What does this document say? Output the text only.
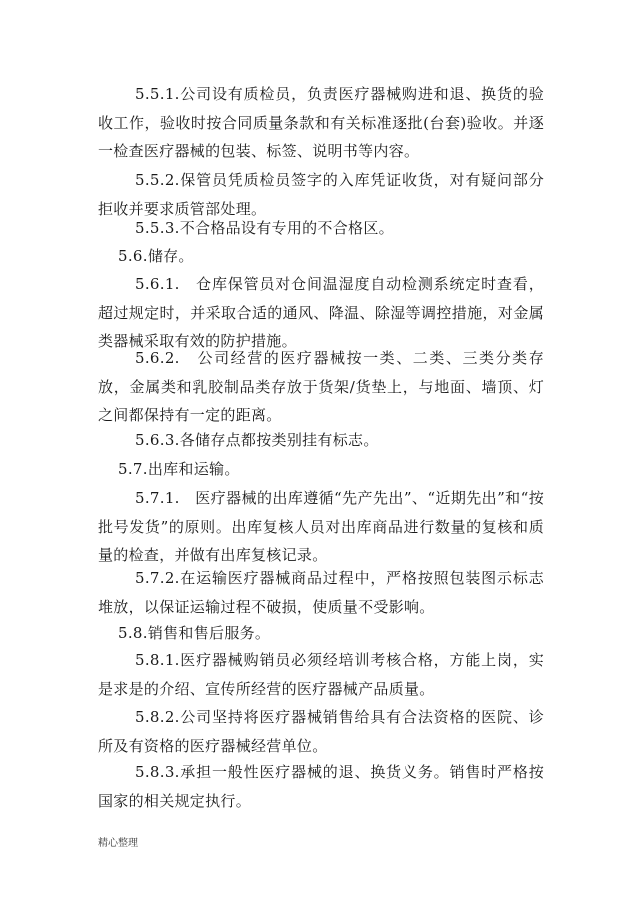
5.5.1.公司设有质检员，负责医疗器械购进和退、换货的验收工作，验收时按合同质量条款和有关标准逐批(台套)验收。并逐一检查医疗器械的包装、标签、说明书等内容。

5.5.2.保管员凭质检员签字的入库凭证收货，对有疑问部分拒收并要求质管部处理。

5.5.3.不合格品设有专用的不合格区。

5.6.储存。

5.6.1.　仓库保管员对仓间温湿度自动检测系统定时查看，超过规定时，并采取合适的通风、降温、除湿等调控措施，对金属类器械采取有效的防护措施。

5.6.2.　公司经营的医疗器械按一类、二类、三类分类存放，金属类和乳胶制品类存放于货架/货垫上，与地面、墙顶、灯之间都保持有一定的距离。

5.6.3.各储存点都按类别挂有标志。

5.7.出库和运输。

5.7.1.　医疗器械的出库遵循“先产先出”、“近期先出”和“按批号发货”的原则。出库复核人员对出库商品进行数量的复核和质量的检查，并做有出库复核记录。

5.7.2.在运输医疗器械商品过程中，严格按照包装图示标志堆放，以保证运输过程不破损，使质量不受影响。

5.8.销售和售后服务。

5.8.1.医疗器械购销员必须经培训考核合格，方能上岗，实是求是的介绍、宣传所经营的医疗器械产品质量。

5.8.2.公司坚持将医疗器械销售给具有合法资格的医院、诊所及有资格的医疗器械经营单位。

5.8.3.承担一般性医疗器械的退、换货义务。销售时严格按国家的相关规定执行。

精心整理
